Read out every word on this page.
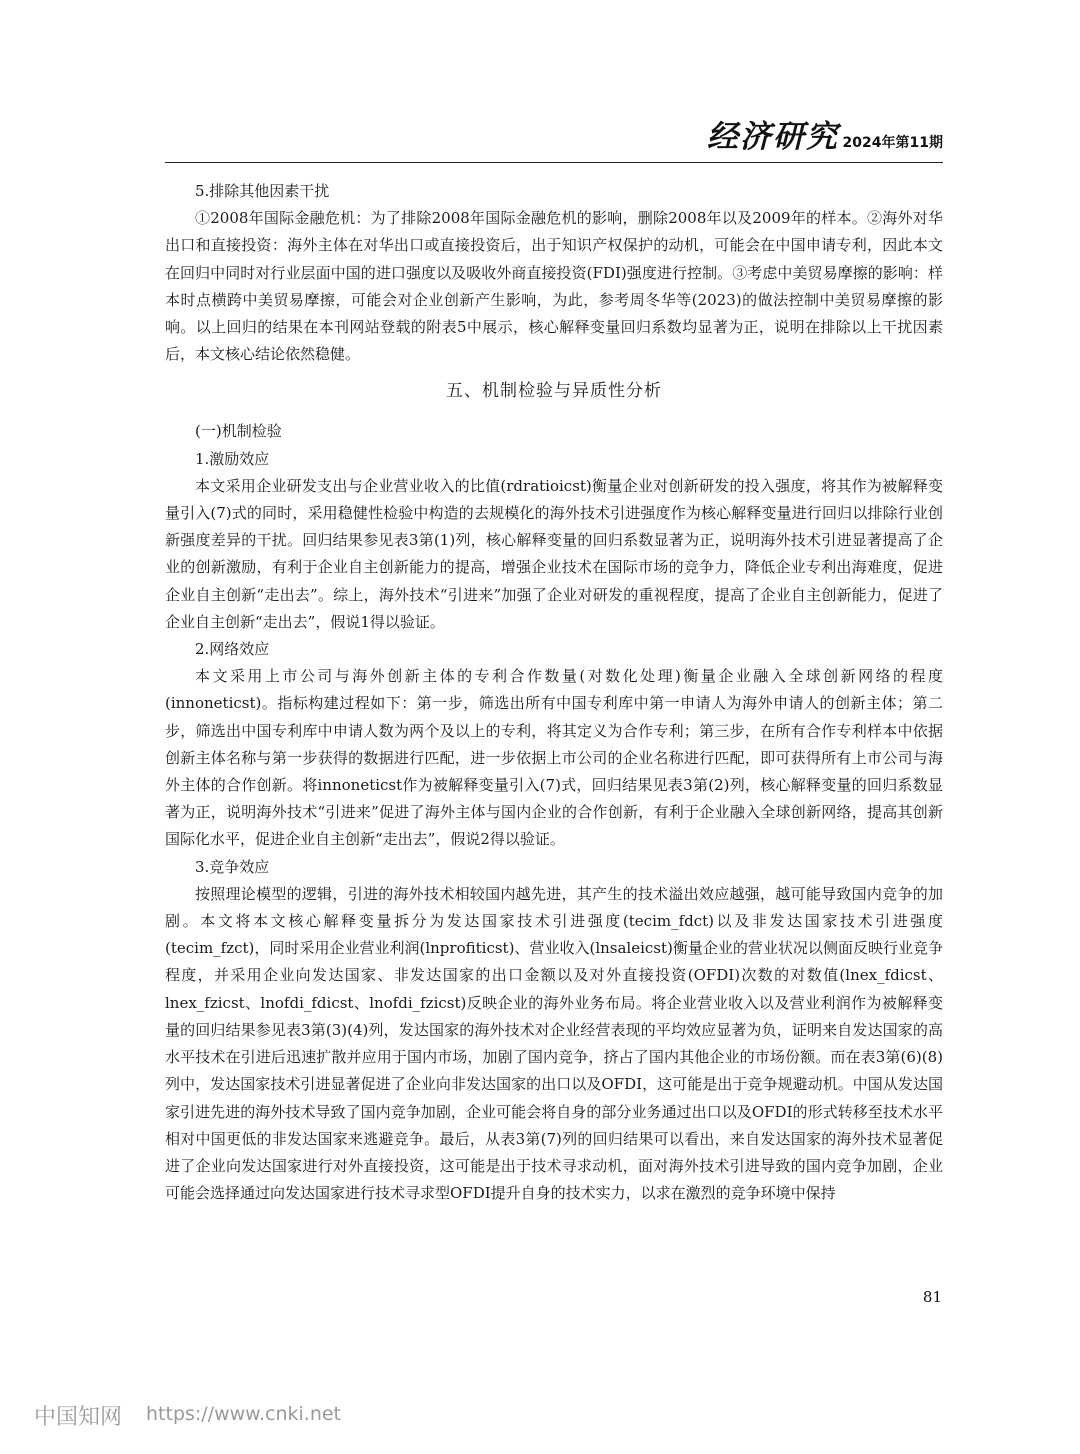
经济研究 2024年第11期

5.排除其他因素干扰

①2008年国际金融危机：为了排除2008年国际金融危机的影响，删除2008年以及2009年的样本。②海外对华出口和直接投资：海外主体在对华出口或直接投资后，出于知识产权保护的动机，可能会在中国申请专利，因此本文在回归中同时对行业层面中国的进口强度以及吸收外商直接投资(FDI)强度进行控制。③考虑中美贸易摩擦的影响：样本时点横跨中美贸易摩擦，可能会对企业创新产生影响，为此，参考周冬华等(2023)的做法控制中美贸易摩擦的影响。以上回归的结果在本刊网站登载的附表5中展示，核心解释变量回归系数均显著为正，说明在排除以上干扰因素后，本文核心结论依然稳健。

五、机制检验与异质性分析

(一)机制检验

1.激励效应

本文采用企业研发支出与企业营业收入的比值(rdratioicst)衡量企业对创新研发的投入强度，将其作为被解释变量引入(7)式的同时，采用稳健性检验中构造的去规模化的海外技术引进强度作为核心解释变量进行回归以排除行业创新强度差异的干扰。回归结果参见表3第(1)列，核心解释变量的回归系数显著为正，说明海外技术引进显著提高了企业的创新激励，有利于企业自主创新能力的提高，增强企业技术在国际市场的竞争力，降低企业专利出海难度，促进企业自主创新“走出去”。综上，海外技术“引进来”加强了企业对研发的重视程度，提高了企业自主创新能力，促进了企业自主创新“走出去”，假说1得以验证。

2.网络效应

本文采用上市公司与海外创新主体的专利合作数量(对数化处理)衡量企业融入全球创新网络的程度(innoneticst)。指标构建过程如下：第一步，筛选出所有中国专利库中第一申请人为海外申请人的创新主体；第二步，筛选出中国专利库中申请人数为两个及以上的专利，将其定义为合作专利；第三步，在所有合作专利样本中依据创新主体名称与第一步获得的数据进行匹配，进一步依据上市公司的企业名称进行匹配，即可获得所有上市公司与海外主体的合作创新。将innoneticst作为被解释变量引入(7)式，回归结果见表3第(2)列，核心解释变量的回归系数显著为正，说明海外技术“引进来”促进了海外主体与国内企业的合作创新，有利于企业融入全球创新网络，提高其创新国际化水平，促进企业自主创新“走出去”，假说2得以验证。

3.竞争效应

按照理论模型的逻辑，引进的海外技术相较国内越先进，其产生的技术溢出效应越强，越可能导致国内竞争的加剧。本文将本文核心解释变量拆分为发达国家技术引进强度(tecim_fdct)以及非发达国家技术引进强度(tecim_fzct)，同时采用企业营业利润(lnprofiticst)、营业收入(lnsaleicst)衡量企业的营业状况以侧面反映行业竞争程度，并采用企业向发达国家、非发达国家的出口金额以及对外直接投资(OFDI)次数的对数值(lnex_fdicst、lnex_fzicst、lnofdi_fdicst、lnofdi_fzicst)反映企业的海外业务布局。将企业营业收入以及营业利润作为被解释变量的回归结果参见表3第(3)(4)列，发达国家的海外技术对企业经营表现的平均效应显著为负，证明来自发达国家的高水平技术在引进后迅速扩散并应用于国内市场，加剧了国内竞争，挤占了国内其他企业的市场份额。而在表3第(6)(8)列中，发达国家技术引进显著促进了企业向非发达国家的出口以及OFDI，这可能是出于竞争规避动机。中国从发达国家引进先进的海外技术导致了国内竞争加剧，企业可能会将自身的部分业务通过出口以及OFDI的形式转移至技术水平相对中国更低的非发达国家来逃避竞争。最后，从表3第(7)列的回归结果可以看出，来自发达国家的海外技术显著促进了企业向发达国家进行对外直接投资，这可能是出于技术寻求动机，面对海外技术引进导致的国内竞争加剧，企业可能会选择通过向发达国家进行技术寻求型OFDI提升自身的技术实力，以求在激烈的竞争环境中保持

81
中国知网 https://www.cnki.net
